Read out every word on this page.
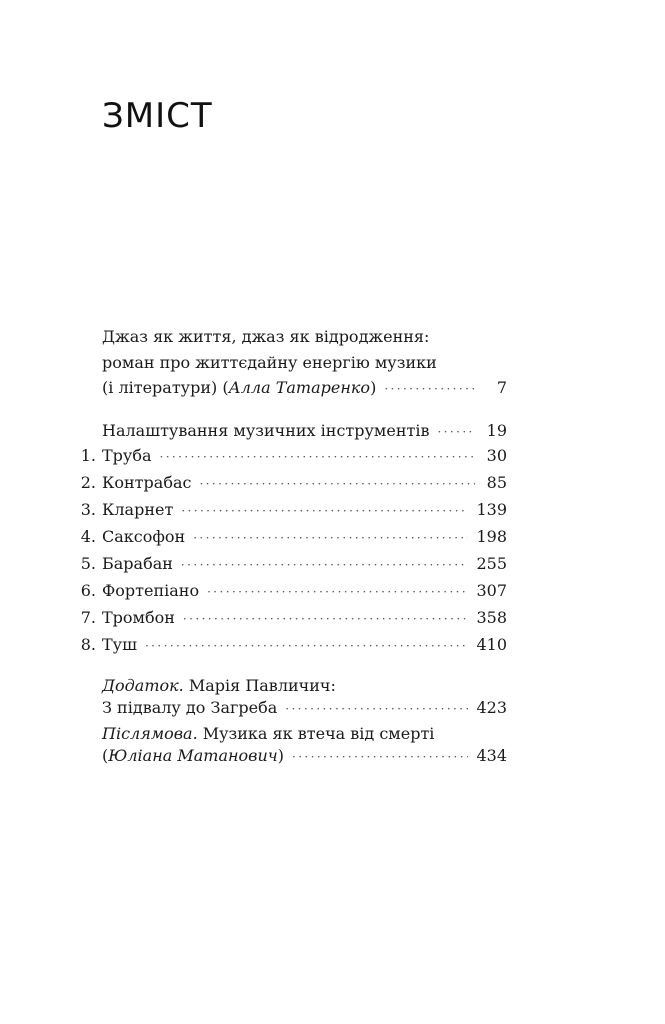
ЗМІСТ
Джаз як життя, джаз як відродження:
роман про життєдайну енергію музики
(і літератури) (Алла Татаренко) ·····	7
Налаштування музичних інструментів ·····	19
1. Труба ·····	30
2. Контрабас ·····	85
3. Кларнет ·····	139
4. Саксофон ·····	198
5. Барабан ·····	255
6. Фортепіано ·····	307
7. Тромбон ·····	358
8. Туш ·····	410
Додаток. Марія Павличич:
З підвалу до Загреба ·····	423
Післямова. Музика як втеча від смерті
(Юліана Матанович) ·····	434
